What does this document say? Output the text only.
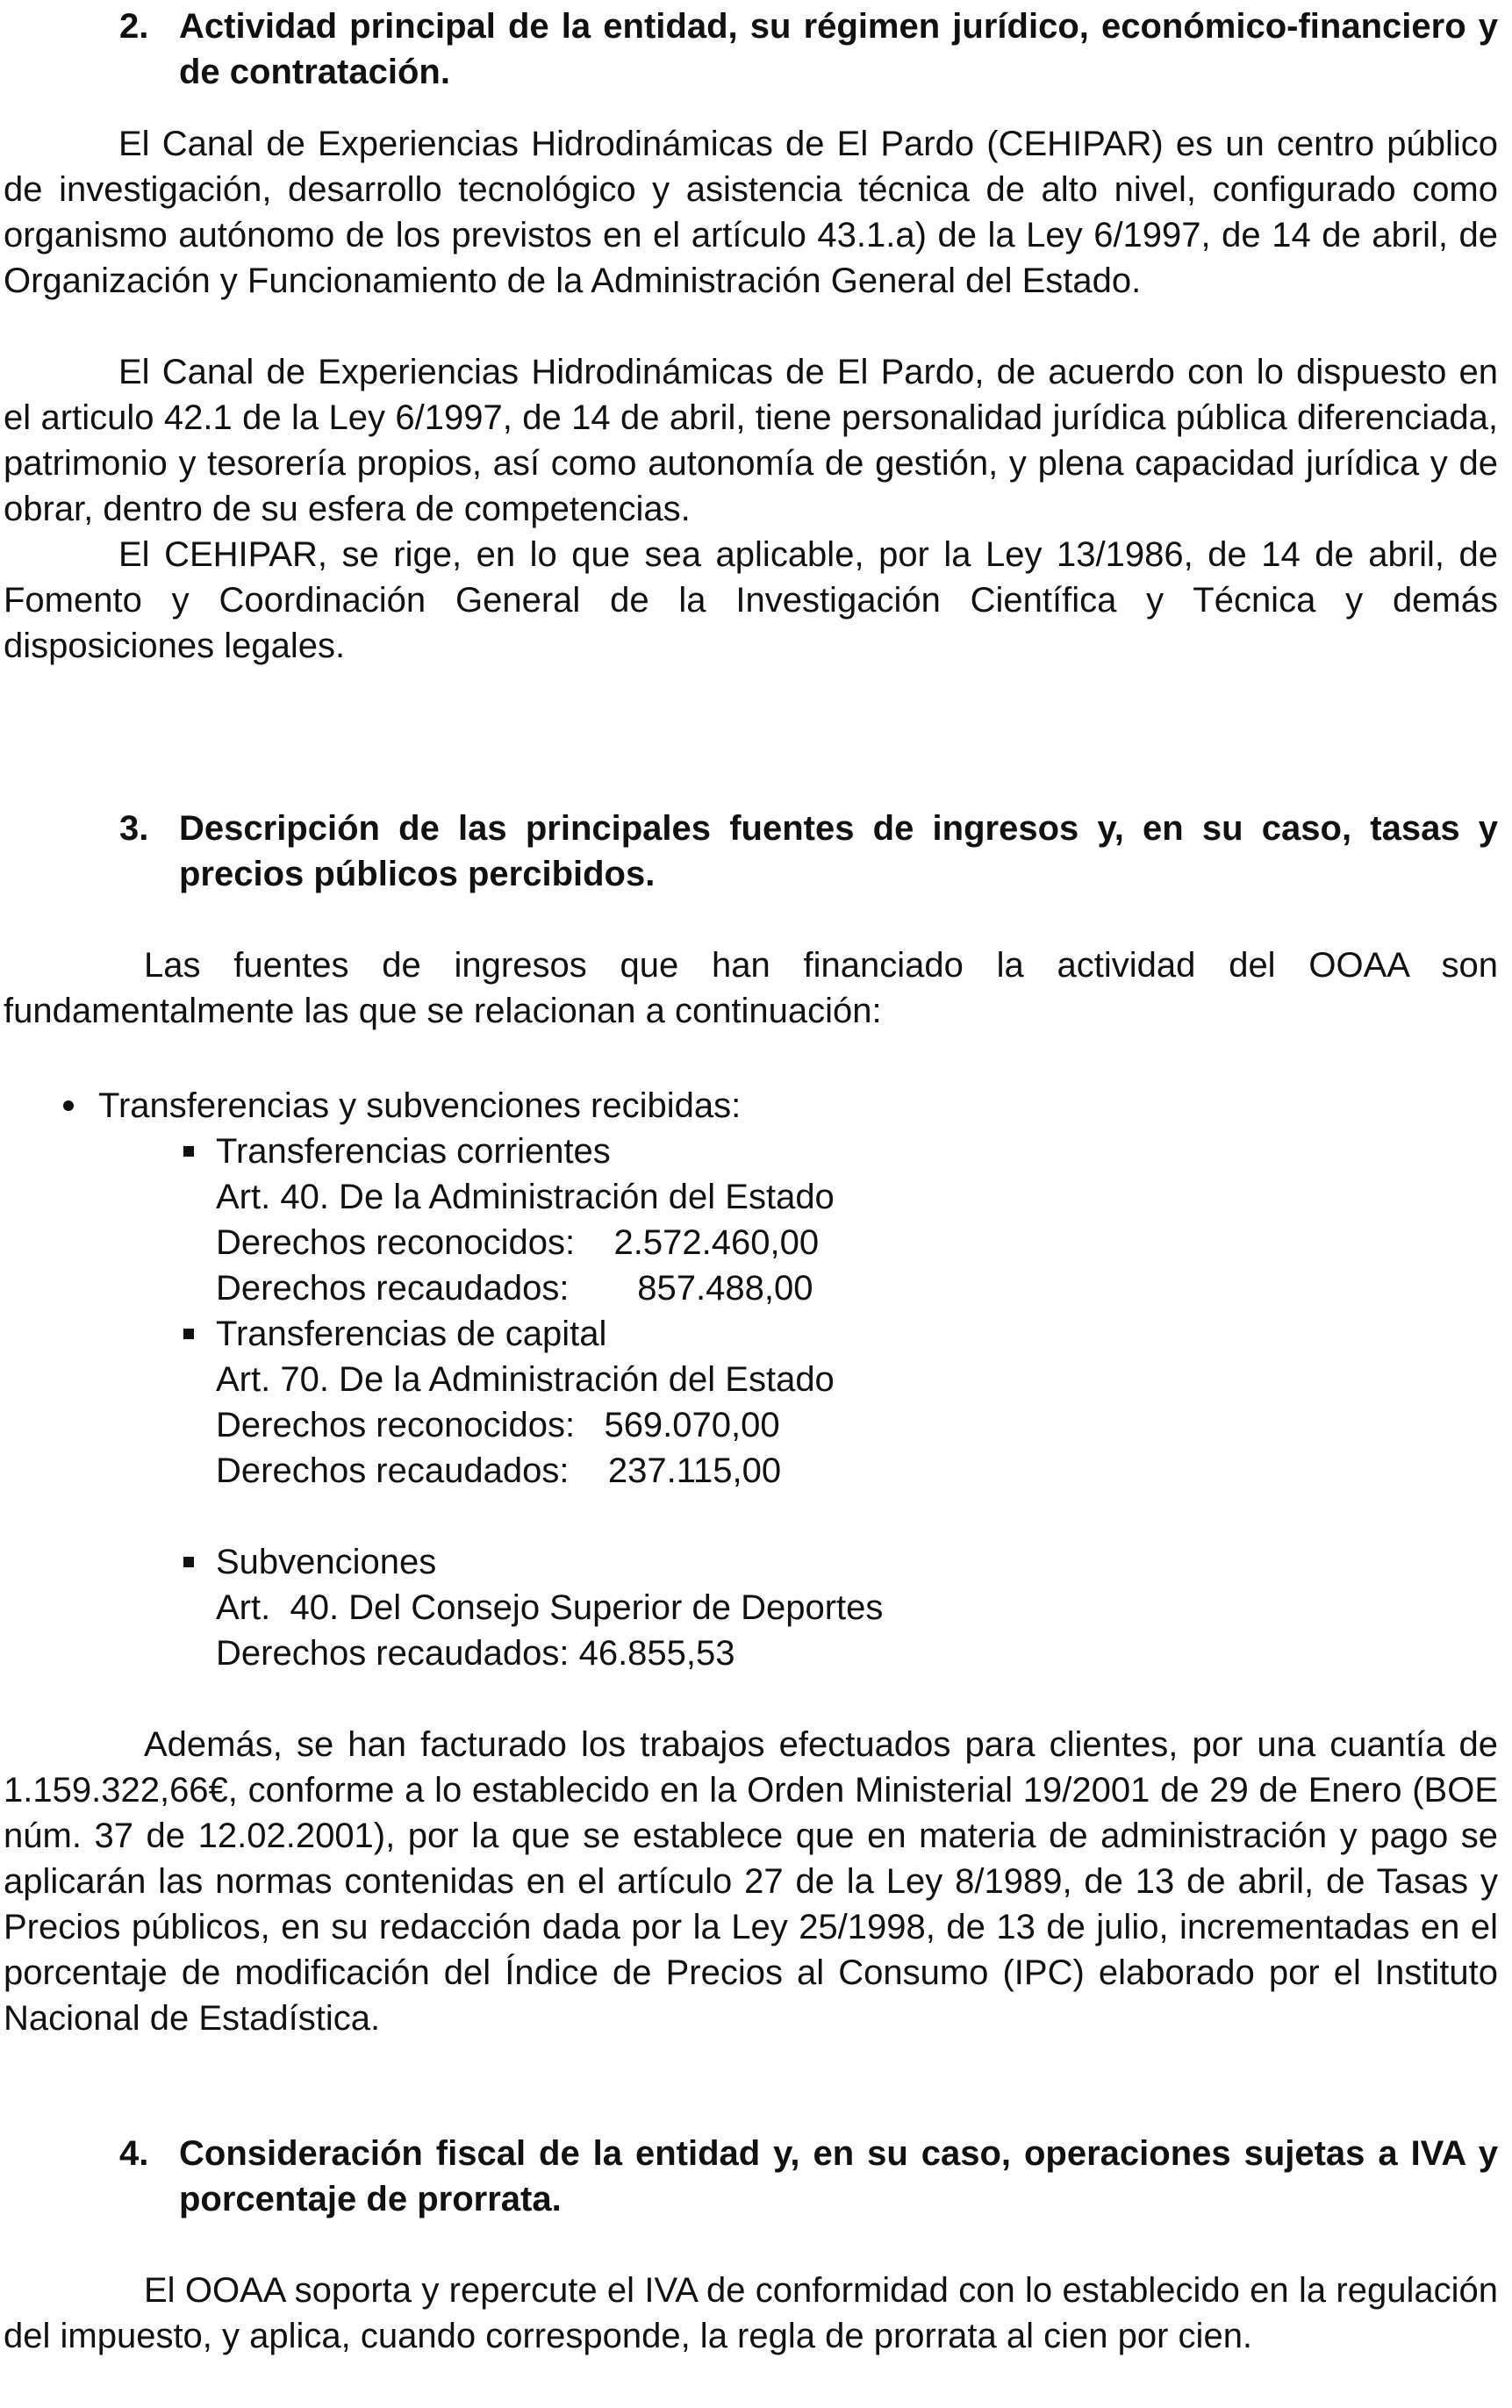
2. Actividad principal de la entidad, su régimen jurídico, económico-financiero y de contratación.

El Canal de Experiencias Hidrodinámicas de El Pardo (CEHIPAR) es un centro público de investigación, desarrollo tecnológico y asistencia técnica de alto nivel, configurado como organismo autónomo de los previstos en el artículo 43.1.a) de la Ley 6/1997, de 14 de abril, de Organización y Funcionamiento de la Administración General del Estado.

El Canal de Experiencias Hidrodinámicas de El Pardo, de acuerdo con lo dispuesto en el articulo 42.1 de la Ley 6/1997, de 14 de abril, tiene personalidad jurídica pública diferenciada, patrimonio y tesorería propios, así como autonomía de gestión, y plena capacidad jurídica y de obrar, dentro de su esfera de competencias.

El CEHIPAR, se rige, en lo que sea aplicable, por la Ley 13/1986, de 14 de abril, de Fomento y Coordinación General de la Investigación Científica y Técnica y demás disposiciones legales.

3. Descripción de las principales fuentes de ingresos y, en su caso, tasas y precios públicos percibidos.

Las fuentes de ingresos que han financiado la actividad del OOAA son fundamentalmente las que se relacionan a continuación:

Transferencias y subvenciones recibidas:
Transferencias corrientes
Art. 40. De la Administración del Estado
Derechos reconocidos:    2.572.460,00
Derechos recaudados:       857.488,00
Transferencias de capital
Art. 70. De la Administración del Estado
Derechos reconocidos:   569.070,00
Derechos recaudados:    237.115,00
Subvenciones
Art.  40. Del Consejo Superior de Deportes
Derechos recaudados: 46.855,53

Además, se han facturado los trabajos efectuados para clientes, por una cuantía de 1.159.322,66€, conforme a lo establecido en la Orden Ministerial 19/2001 de 29 de Enero (BOE núm. 37 de 12.02.2001), por la que se establece que en materia de administración y pago se aplicarán las normas contenidas en el artículo 27 de la Ley 8/1989, de 13 de abril, de Tasas y Precios públicos, en su redacción dada por la Ley 25/1998, de 13 de julio, incrementadas en el porcentaje de modificación del Índice de Precios al Consumo (IPC) elaborado por el Instituto Nacional de Estadística.

4. Consideración fiscal de la entidad y, en su caso, operaciones sujetas a IVA y porcentaje de prorrata.

El OOAA soporta y repercute el IVA de conformidad con lo establecido en la regulación del impuesto, y aplica, cuando corresponde, la regla de prorrata al cien por cien.
